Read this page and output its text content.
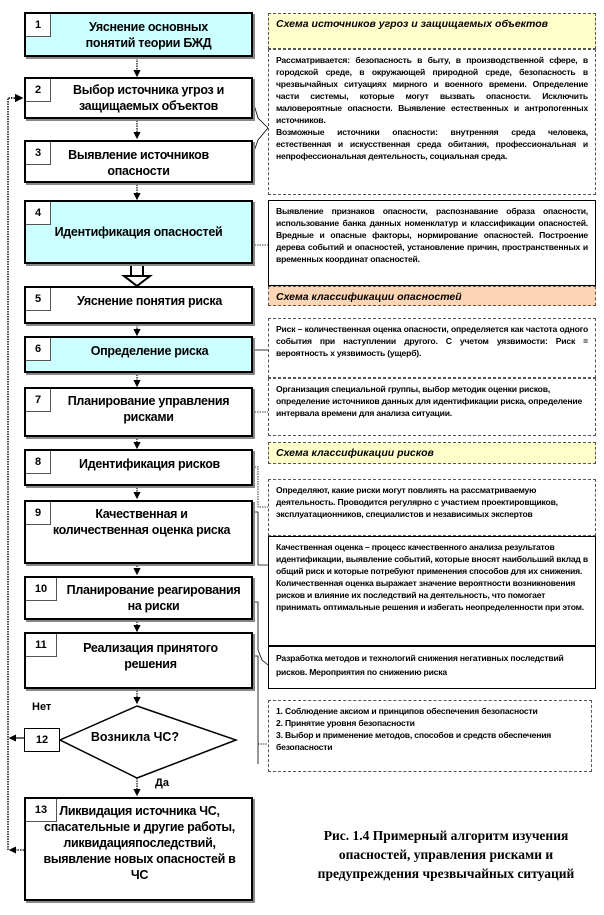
1	Уяснение основных понятий теории БЖД
2	Выбор источника угроз и защищаемых объектов
3	Выявление источников опасности
4
Идентификация опасностей
5	Уяснение понятия риска
6	Определение риска
7	Планирование управления рисками
8	Идентификация рисков
9	Качественная и количественная оценка риска
10	Планирование реагирования на риски
11	Реализация принятого решения
Нет
12	Возникла ЧС?
Да
13 Ликвидация источника ЧС, спасательные и другие работы, ликвидацияпоследствий, выявление новых опасностей в ЧС
Схема источников угроз и защищаемых объектов
Рассматривается: безопасность в быту, в производственной сфере, в городской среде, в окружающей природной среде, безопасность в чрезвычайных ситуациях мирного и военного времени. Определение части системы, которые могут вызвать опасности. Исключить маловероятные опасности. Выявление естественных и антропогенных источников.
Возможные источники опасности: внутренняя среда человека, естественная и искусственная среда обитания, профессиональная и непрофессиональная деятельность, социальная среда.
Выявление признаков опасности, распознавание образа опасности, использование банка данных номенклатур и классификации опасностей. Вредные и опасные факторы, нормирование опасностей. Построение дерева событий и опасностей, установление причин, пространственных и временных координат опасностей.
Схема классификации опасностей
Риск – количественная оценка опасности, определяется как частота одного события при наступлении другого. С учетом уязвимости: Риск = вероятность х уязвимость (ущерб).
Организация специальной группы, выбор методик оценки рисков, определение источников данных для идентификации риска, определение интервала времени для анализа ситуации.
Схема классификации рисков
Определяют, какие риски могут повлиять на рассматриваемую деятельность. Проводится регулярно с участием проектировщиков, эксплуатационников, специалистов и независимых экспертов
Качественная оценка – процесс качественного анализа результатов идентификации, выявление событий, которые вносят наибольший вклад в общий риск и которые потребуют применения способов для их снижения. Количественная оценка выражает значение вероятности возникновения рисков и влияние их последствий на деятельность, что помогает принимать оптимальные решения и избегать неопределенности при этом.
Разработка методов и технологий снижения негативных последствий рисков. Мероприятия по снижению риска
1. Соблюдение аксиом и принципов обеспечения безопасности
2. Принятие уровня безопасности
3. Выбор и применение методов, способов и средств обеспечения безопасности
Рис. 1.4 Примерный алгоритм изучения опасностей, управления рисками и предупреждения чрезвычайных ситуаций
